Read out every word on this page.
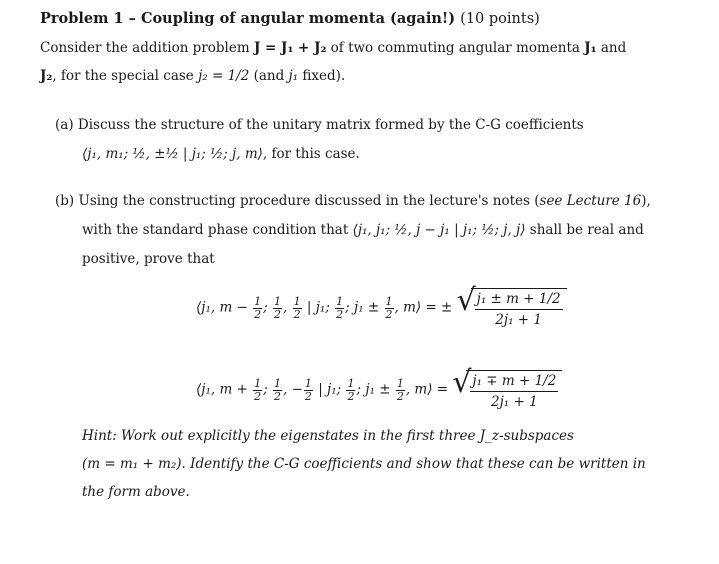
Problem 1 – Coupling of angular momenta (again!) (10 points)
Consider the addition problem J = J₁ + J₂ of two commuting angular momenta J₁ and
J₂, for the special case j₂ = 1/2 (and j₁ fixed).
(a) Discuss the structure of the unitary matrix formed by the C-G coefficients
⟨j₁, m₁; ½, ±½ | j₁; ½; j, m⟩, for this case.
(b) Using the constructing procedure discussed in the lecture's notes (see Lecture 16),
with the standard phase condition that ⟨j₁, j₁; ½, j − j₁ | j₁; ½; j, j⟩ shall be real and
positive, prove that
⟨j₁, $m - \frac{1}{2}$ ; $\frac{1}{2}$ , $\frac{1}{2}$ | j₁; $\frac{1}{2}$ ; $j_1 \pm \frac{1}{2}$ , m⟩ = ± √
$\frac{\text{j₁ ± m + 1/2}}{\text{2j₁ + 1}}$
⟨j₁, $m + \frac{1}{2}$ ; $\frac{1}{2}$ , − $\frac{1}{2}$ | j₁; $\frac{1}{2}$ ; $j_1 \pm \frac{1}{2}$ , m⟩ = √
$\frac{\text{j₁ ∓ m + 1/2}}{\text{2j₁ + 1}}$
Hint: Work out explicitly the eigenstates in the first three J_z-subspaces
(m = m₁ + m₂). Identify the C-G coefficients and show that these can be written in
the form above.
